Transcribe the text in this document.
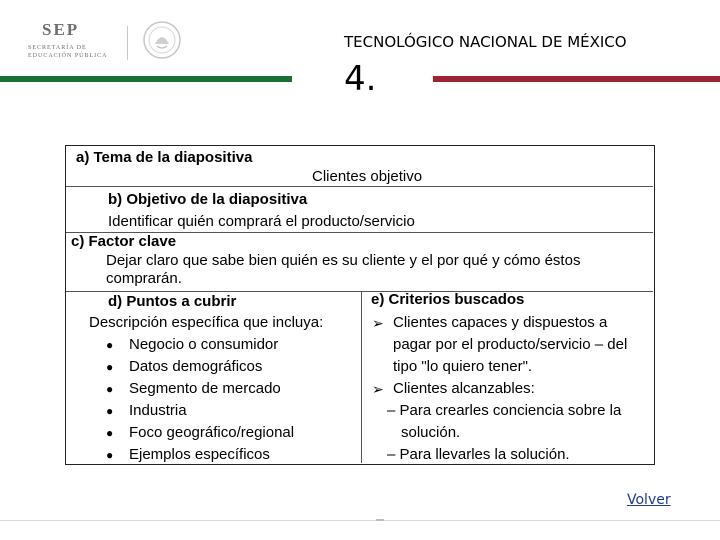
SEP
SECRETARÍA DE
EDUCACIÓN PÚBLICA
TECNOLÓGICO NACIONAL DE MÉXICO
4.
a) Tema de la diapositiva
Clientes objetivo
b) Objetivo de la diapositiva
Identificar quién comprará el producto/servicio
c) Factor clave
Dejar claro que sabe bien quién es su cliente y el por qué y cómo éstos
comprarán.
d) Puntos a cubrir
Descripción específica que incluya:
● Negocio o consumidor
● Datos demográficos
● Segmento de mercado
● Industria
● Foco geográfico/regional
● Ejemplos específicos
e) Criterios buscados
➢ Clientes capaces y dispuestos a
pagar por el producto/servicio – del
tipo "lo quiero tener".
➢ Clientes alcanzables:
– Para crearles conciencia sobre la
solución.
– Para llevarles la solución.
Volver
